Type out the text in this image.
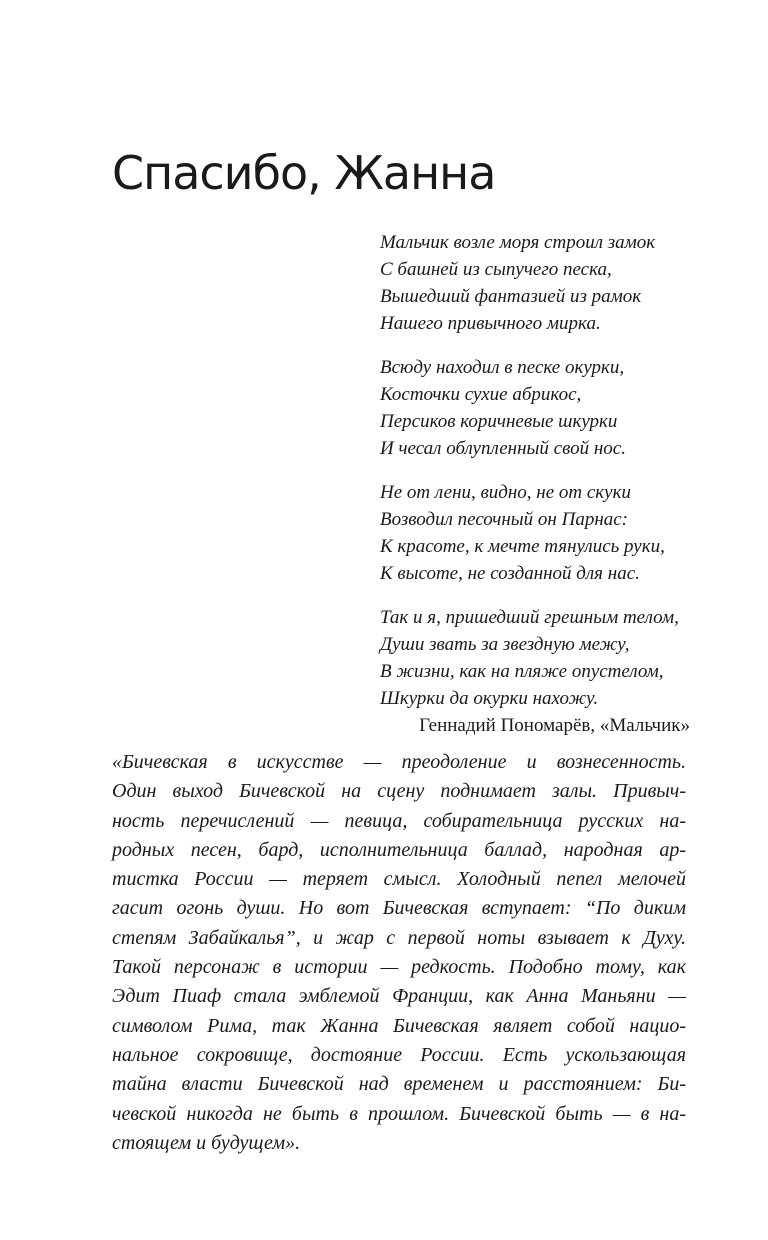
Спасибо, Жанна
Мальчик возле моря строил замок
С башней из сыпучего песка,
Вышедший фантазией из рамок
Нашего привычного мирка.
Всюду находил в песке окурки,
Косточки сухие абрикос,
Персиков коричневые шкурки
И чесал облупленный свой нос.
Не от лени, видно, не от скуки
Возводил песочный он Парнас:
К красоте, к мечте тянулись руки,
К высоте, не созданной для нас.
Так и я, пришедший грешным телом,
Души звать за звездную межу,
В жизни, как на пляже опустелом,
Шкурки да окурки нахожу.
Геннадий Пономарёв, «Мальчик»

«Бичевская в искусстве — преодоление и вознесенность.
Один выход Бичевской на сцену поднимает залы. Привыч-
ность перечислений — певица, собирательница русских на-
родных песен, бард, исполнительница баллад, народная ар-
тистка России — теряет смысл. Холодный пепел мелочей
гасит огонь души. Но вот Бичевская вступает: “По диким
степям Забайкалья”, и жар с первой ноты взывает к Духу.
Такой персонаж в истории — редкость. Подобно тому, как
Эдит Пиаф стала эмблемой Франции, как Анна Маньяни —
символом Рима, так Жанна Бичевская являет собой нацио-
нальное сокровище, достояние России. Есть ускользающая
тайна власти Бичевской над временем и расстоянием: Би-
чевской никогда не быть в прошлом. Бичевской быть — в на-
стоящем и будущем».
